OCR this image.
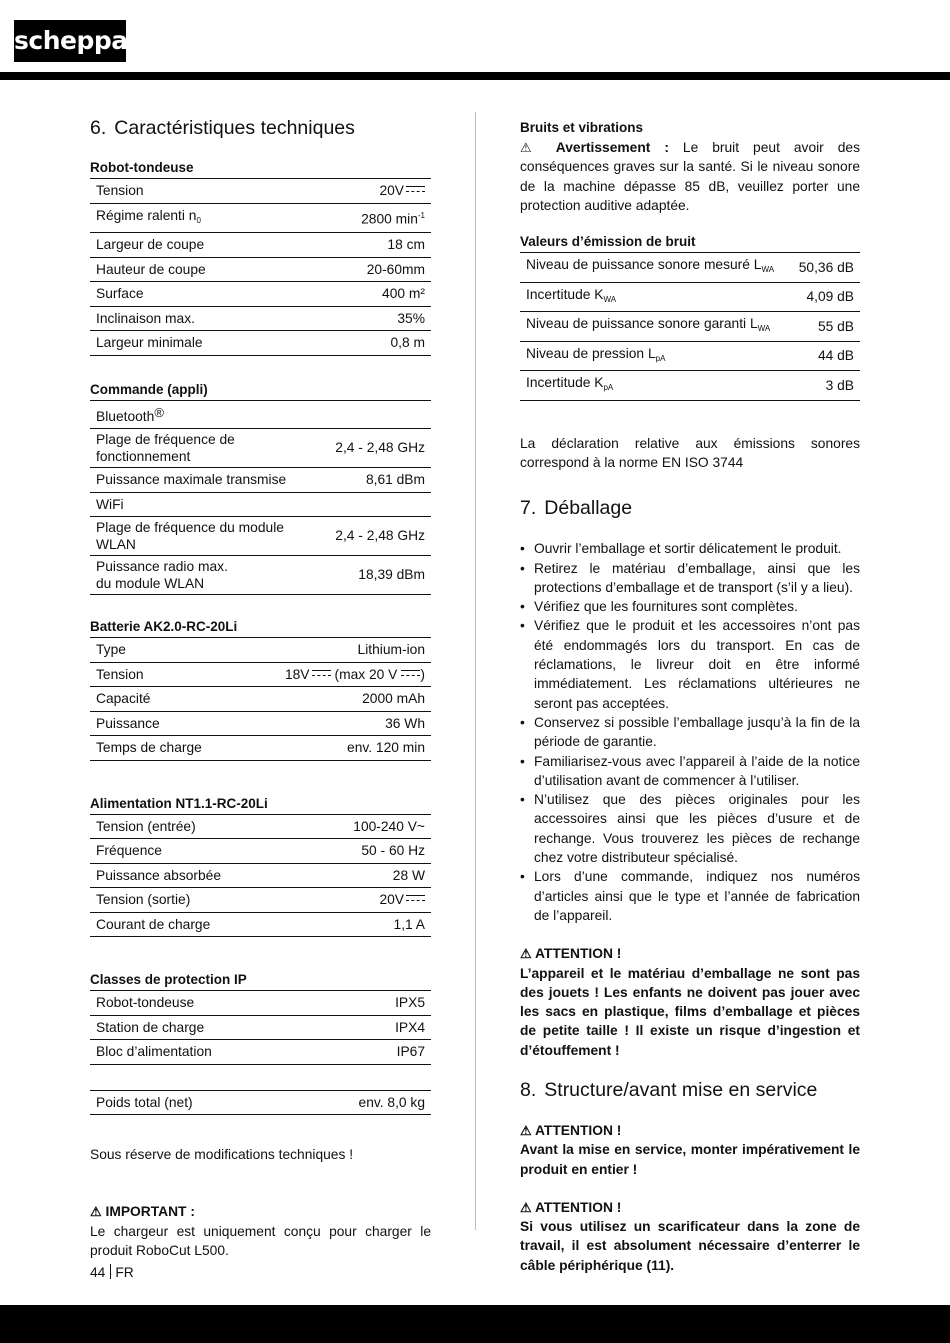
scheppach
6. Caractéristiques techniques
Robot-tondeuse
Tension	20V
Régime ralenti $n_0$	2800 $\min^{-1}$
Largeur de coupe	18 cm
Hauteur de coupe	20-60mm
Surface	400 m²
Inclinaison max.	35%
Largeur minimale	0,8 m
Commande (appli)
Bluetooth®
Plage de fréquence de fonctionnement	2,4 - 2,48 GHz
Puissance maximale transmise	8,61 dBm
WiFi	
Plage de fréquence du module WLAN	2,4 - 2,48 GHz
Puissance radio max.
du module WLAN	18,39 dBm
Batterie AK2.0-RC-20Li
Type	Lithium-ion
Tension	18V (max 20 V )
Capacité	2000 mAh
Puissance	36 Wh
Temps de charge	env. 120 min
Alimentation NT1.1-RC-20Li
Tension (entrée)	100-240 V~
Fréquence	50 - 60 Hz
Puissance absorbée	28 W
Tension (sortie)	20V
Courant de charge	1,1 A
Classes de protection IP
Robot-tondeuse	IPX5
Station de charge	IPX4
Bloc d’alimentation	IP67
Poids total (net)	env. 8,0 kg
Sous réserve de modifications techniques !
⚠ IMPORTANT :
Le chargeur est uniquement conçu pour charger le produit RoboCut L500.
Bruits et vibrations
⚠ Avertissement : Le bruit peut avoir des conséquences graves sur la santé. Si le niveau sonore de la machine dépasse 85 dB, veuillez porter une protection auditive adaptée.
Valeurs d’émission de bruit
Niveau de puissance sonore mesuré $L_{WA}$	50,36 dB
Incertitude $K_{WA}$	4,09 dB
Niveau de puissance sonore garanti $L_{WA}$	55 dB
Niveau de pression $L_{pA}$	44 dB
Incertitude $K_{pA}$	3 dB
La déclaration relative aux émissions sonores correspond à la norme EN ISO 3744
7. Déballage
• Ouvrir l’emballage et sortir délicatement le produit.
• Retirez le matériau d’emballage, ainsi que les protections d’emballage et de transport (s’il y a lieu).
• Vérifiez que les fournitures sont complètes.
• Vérifiez que le produit et les accessoires n’ont pas été endommagés lors du transport. En cas de réclamations, le livreur doit en être informé immédiatement. Les réclamations ultérieures ne seront pas acceptées.
• Conservez si possible l’emballage jusqu’à la fin de la période de garantie.
• Familiarisez-vous avec l’appareil à l’aide de la notice d’utilisation avant de commencer à l’utiliser.
• N’utilisez que des pièces originales pour les accessoires ainsi que les pièces d’usure et de rechange. Vous trouverez les pièces de rechange chez votre distributeur spécialisé.
• Lors d’une commande, indiquez nos numéros d’articles ainsi que le type et l’année de fabrication de l’appareil.
⚠ ATTENTION !
L’appareil et le matériau d’emballage ne sont pas des jouets ! Les enfants ne doivent pas jouer avec les sacs en plastique, films d’emballage et pièces de petite taille ! Il existe un risque d’ingestion et d’étouffement !
8. Structure/avant mise en service
⚠ ATTENTION !
Avant la mise en service, monter impérativement le produit en entier !
⚠ ATTENTION !
Si vous utilisez un scarificateur dans la zone de travail, il est absolument nécessaire d’enterrer le câble périphérique (11).
44 FR
